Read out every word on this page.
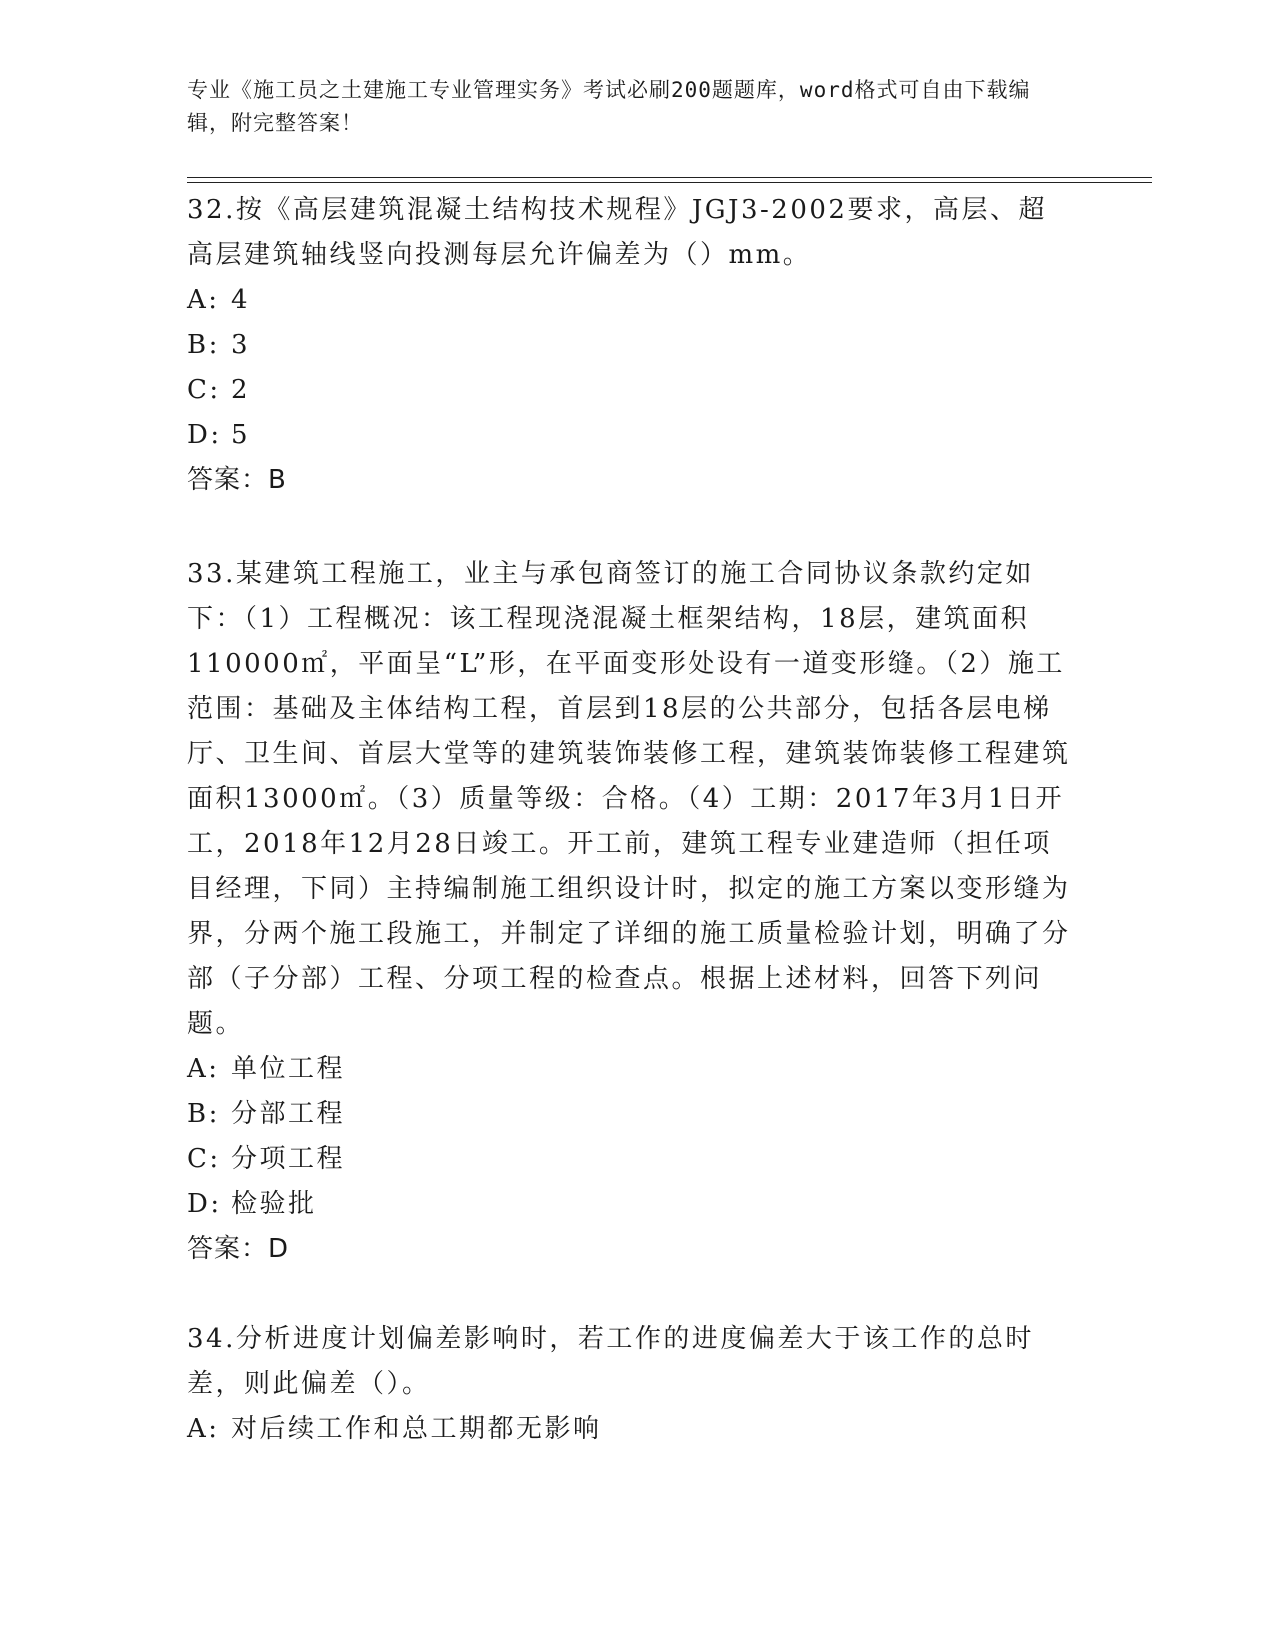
专业《施工员之土建施工专业管理实务》考试必刷200题题库，word格式可自由下载编辑，附完整答案！

32.按《高层建筑混凝土结构技术规程》JGJ3-2002要求，高层、超高层建筑轴线竖向投测每层允许偏差为（）mm。

A: 4
B: 3
C: 2
D: 5
答案：B

33.某建筑工程施工，业主与承包商签订的施工合同协议条款约定如下：（1）工程概况：该工程现浇混凝土框架结构，18层，建筑面积110000㎡，平面呈“L”形，在平面变形处设有一道变形缝。（2）施工范围：基础及主体结构工程，首层到18层的公共部分，包括各层电梯厅、卫生间、首层大堂等的建筑装饰装修工程，建筑装饰装修工程建筑面积13000㎡。（3）质量等级：合格。（4）工期：2017年3月1日开工，2018年12月28日竣工。开工前，建筑工程专业建造师（担任项目经理，下同）主持编制施工组织设计时，拟定的施工方案以变形缝为界，分两个施工段施工，并制定了详细的施工质量检验计划，明确了分部（子分部）工程、分项工程的检查点。根据上述材料，回答下列问题。

A: 单位工程
B: 分部工程
C: 分项工程
D: 检验批
答案：D

34.分析进度计划偏差影响时，若工作的进度偏差大于该工作的总时差，则此偏差（）。

A: 对后续工作和总工期都无影响
